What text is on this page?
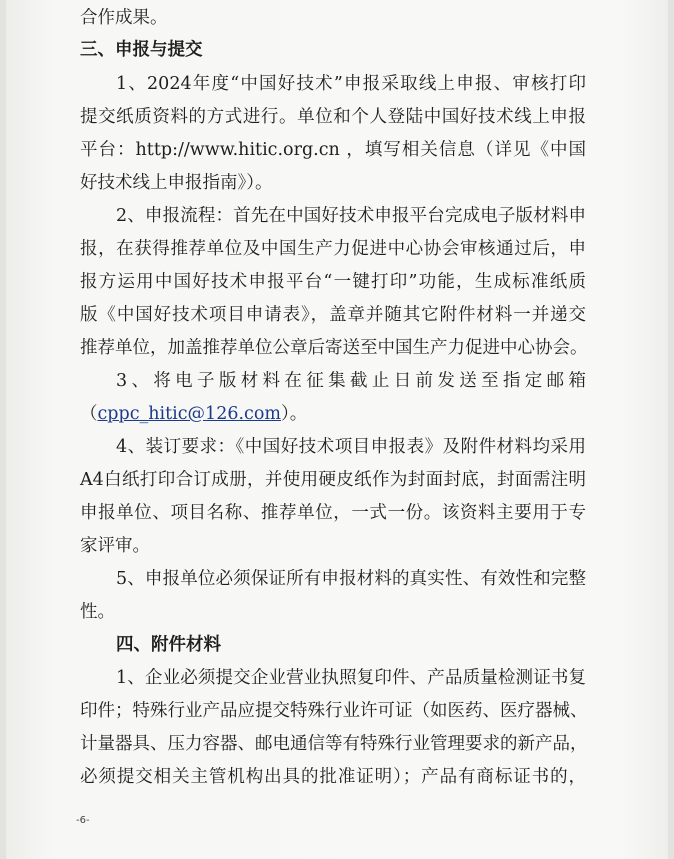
合作成果。
三、申报与提交
1、2024年度“中国好技术”申报采取线上申报、审核打印
提交纸质资料的方式进行。单位和个人登陆中国好技术线上申报
平台：http://www.hitic.org.cn ，填写相关信息（详见《中国
好技术线上申报指南》）。
2、申报流程：首先在中国好技术申报平台完成电子版材料申
报，在获得推荐单位及中国生产力促进中心协会审核通过后，申
报方运用中国好技术申报平台“一键打印”功能，生成标准纸质
版《中国好技术项目申请表》，盖章并随其它附件材料一并递交
推荐单位，加盖推荐单位公章后寄送至中国生产力促进中心协会。
3、将电子版材料在征集截止日前发送至指定邮箱
（cppc_hitic@126.com）。
4、装订要求：《中国好技术项目申报表》及附件材料均采用
A4白纸打印合订成册，并使用硬皮纸作为封面封底，封面需注明
申报单位、项目名称、推荐单位，一式一份。该资料主要用于专
家评审。
5、申报单位必须保证所有申报材料的真实性、有效性和完整
性。
四、附件材料
1、企业必须提交企业营业执照复印件、产品质量检测证书复
印件；特殊行业产品应提交特殊行业许可证（如医药、医疗器械、
计量器具、压力容器、邮电通信等有特殊行业管理要求的新产品，
必须提交相关主管机构出具的批准证明）；产品有商标证书的，
-6-
